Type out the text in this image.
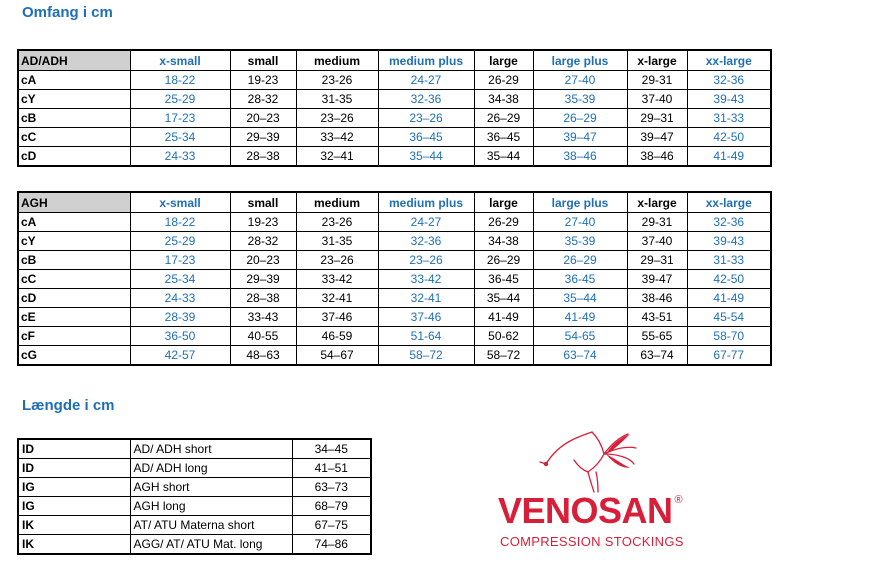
Omfang i cm
AD/ADH	x-small	small	medium	medium plus	large	large plus	x-large	xx-large
cA	18-22	19-23	23-26	24-27	26-29	27-40	29-31	32-36
cY	25-29	28-32	31-35	32-36	34-38	35-39	37-40	39-43
cB	17-23	20–23	23–26	23–26	26–29	26–29	29–31	31-33
cC	25-34	29–39	33–42	36–45	36–45	39–47	39–47	42-50
cD	24-33	28–38	32–41	35–44	35–44	38–46	38–46	41-49
AGH	x-small	small	medium	medium plus	large	large plus	x-large	xx-large
cA	18-22	19-23	23-26	24-27	26-29	27-40	29-31	32-36
cY	25-29	28-32	31-35	32-36	34-38	35-39	37-40	39-43
cB	17-23	20–23	23–26	23–26	26–29	26–29	29–31	31-33
cC	25-34	29–39	33-42	33-42	36-45	36-45	39-47	42-50
cD	24-33	28–38	32-41	32-41	35–44	35–44	38-46	41-49
cE	28-39	33-43	37-46	37-46	41-49	41-49	43-51	45-54
cF	36-50	40-55	46-59	51-64	50-62	54-65	55-65	58-70
cG	42-57	48–63	54–67	58–72	58–72	63–74	63–74	67-77
Længde i cm
ID	AD/ ADH short	34–45
ID	AD/ ADH long	41–51
IG	AGH short	63–73
IG	AGH long	68–79
IK	AT/ ATU Materna short	67–75
IK	AGG/ AT/ ATU Mat. long	74–86
VENOSAN ®
COMPRESSION STOCKINGS
